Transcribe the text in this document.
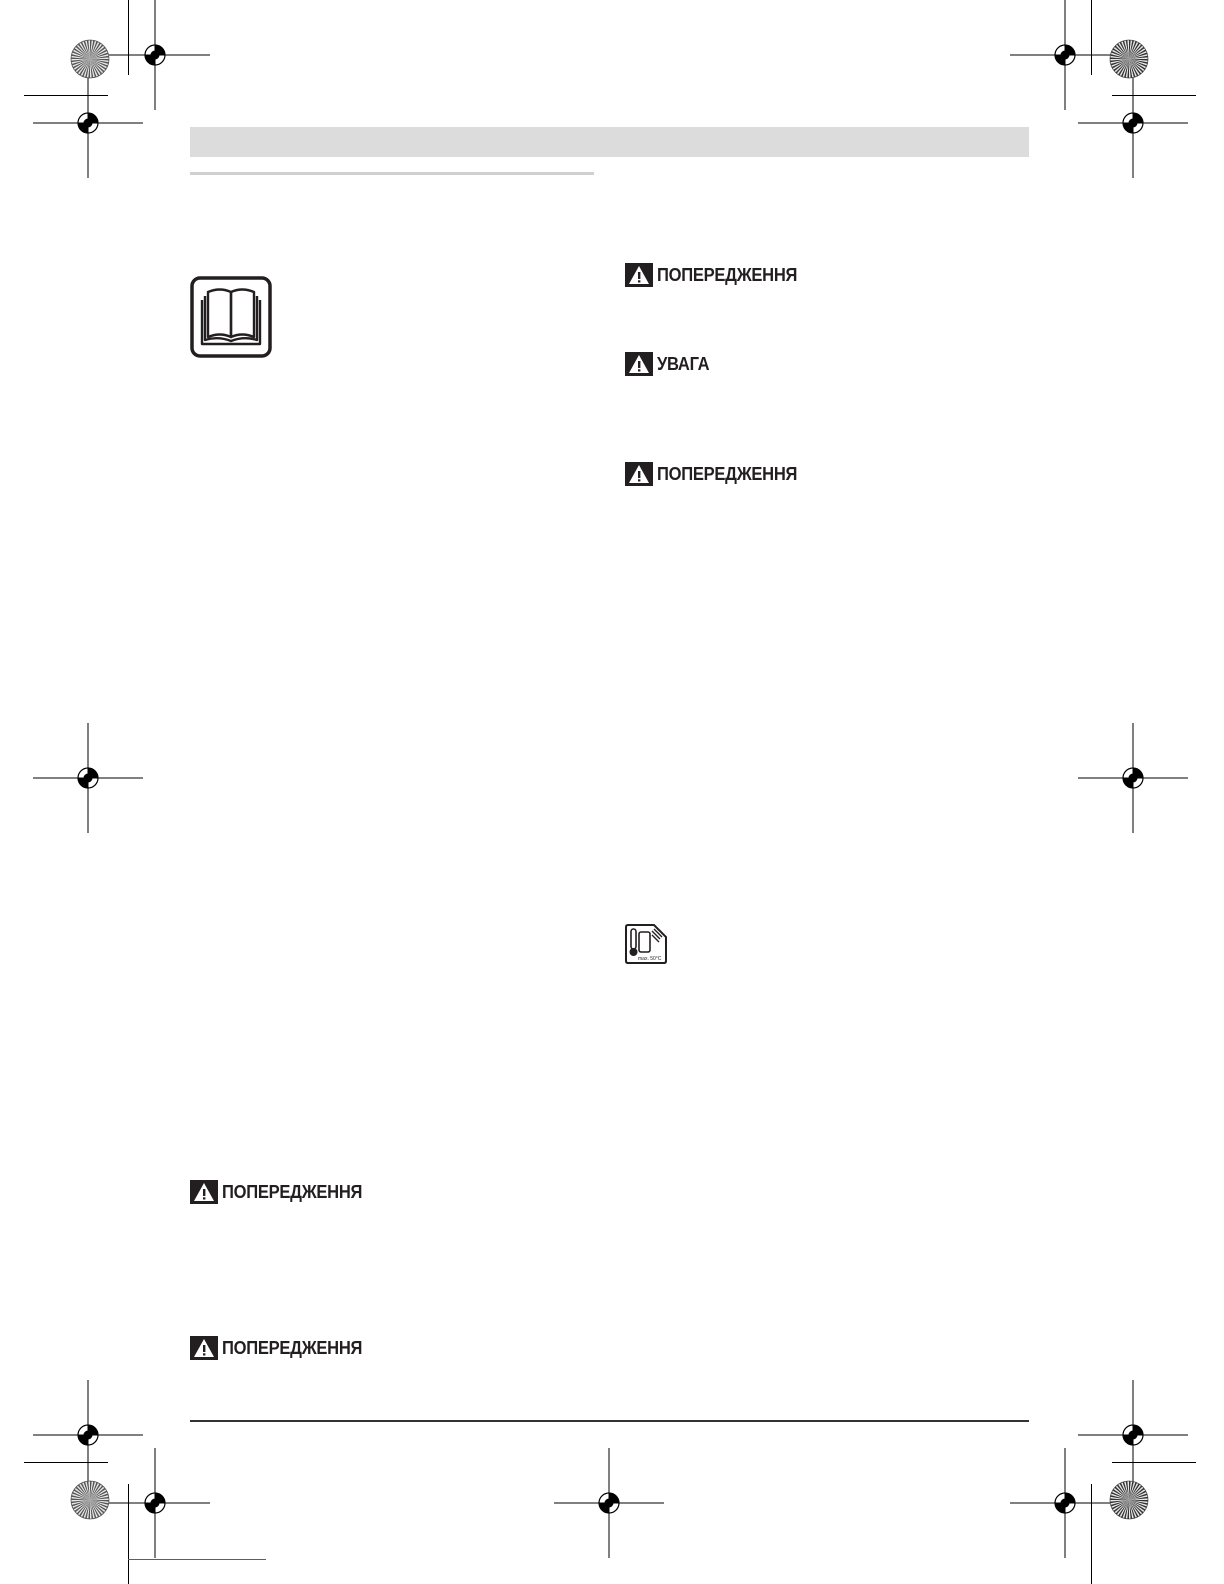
ПОПЕРЕДЖЕННЯ
УВАГА
ПОПЕРЕДЖЕННЯ
ПОПЕРЕДЖЕННЯ
ПОПЕРЕДЖЕННЯ
max. 50°C
